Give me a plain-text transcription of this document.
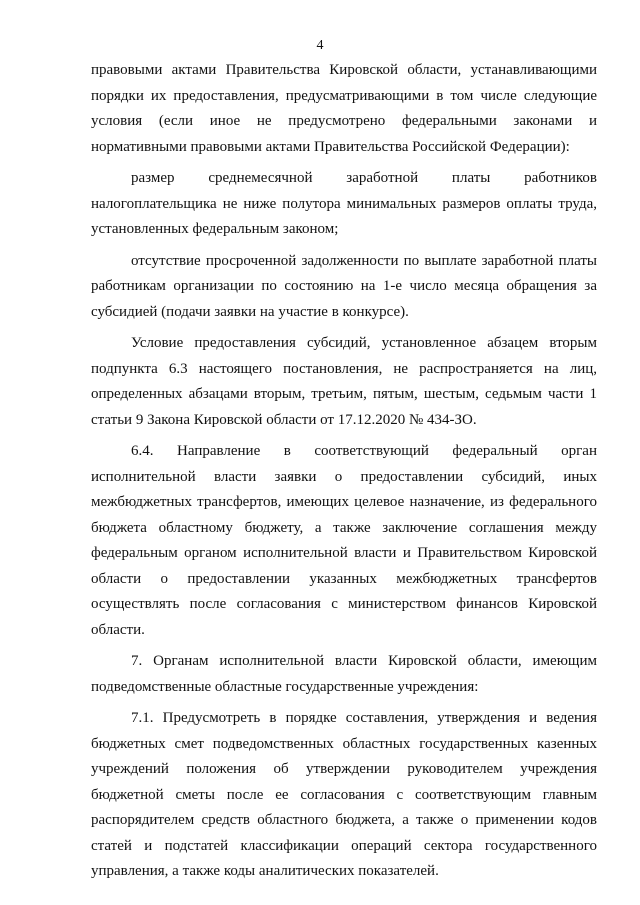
4

правовыми актами Правительства Кировской области, устанавливающими порядки их предоставления, предусматривающими в том числе следующие условия (если иное не предусмотрено федеральными законами и нормативными правовыми актами Правительства Российской Федерации):

размер среднемесячной заработной платы работников налогоплательщика не ниже полутора минимальных размеров оплаты труда, установленных федеральным законом;

отсутствие просроченной задолженности по выплате заработной платы работникам организации по состоянию на 1-е число месяца обращения за субсидией (подачи заявки на участие в конкурсе).

Условие предоставления субсидий, установленное абзацем вторым подпункта 6.3 настоящего постановления, не распространяется на лиц, определенных абзацами вторым, третьим, пятым, шестым, седьмым части 1 статьи 9 Закона Кировской области от 17.12.2020 № 434-ЗО.

6.4. Направление в соответствующий федеральный орган исполнительной власти заявки о предоставлении субсидий, иных межбюджетных трансфертов, имеющих целевое назначение, из федерального бюджета областному бюджету, а также заключение соглашения между федеральным органом исполнительной власти и Правительством Кировской области о предоставлении указанных межбюджетных трансфертов осуществлять после согласования с министерством финансов Кировской области.

7. Органам исполнительной власти Кировской области, имеющим подведомственные областные государственные учреждения:

7.1. Предусмотреть в порядке составления, утверждения и ведения бюджетных смет подведомственных областных государственных казенных учреждений положения об утверждении руководителем учреждения бюджетной сметы после ее согласования с соответствующим главным распорядителем средств областного бюджета, а также о применении кодов статей и подстатей классификации операций сектора государственного управления, а также коды аналитических показателей.
